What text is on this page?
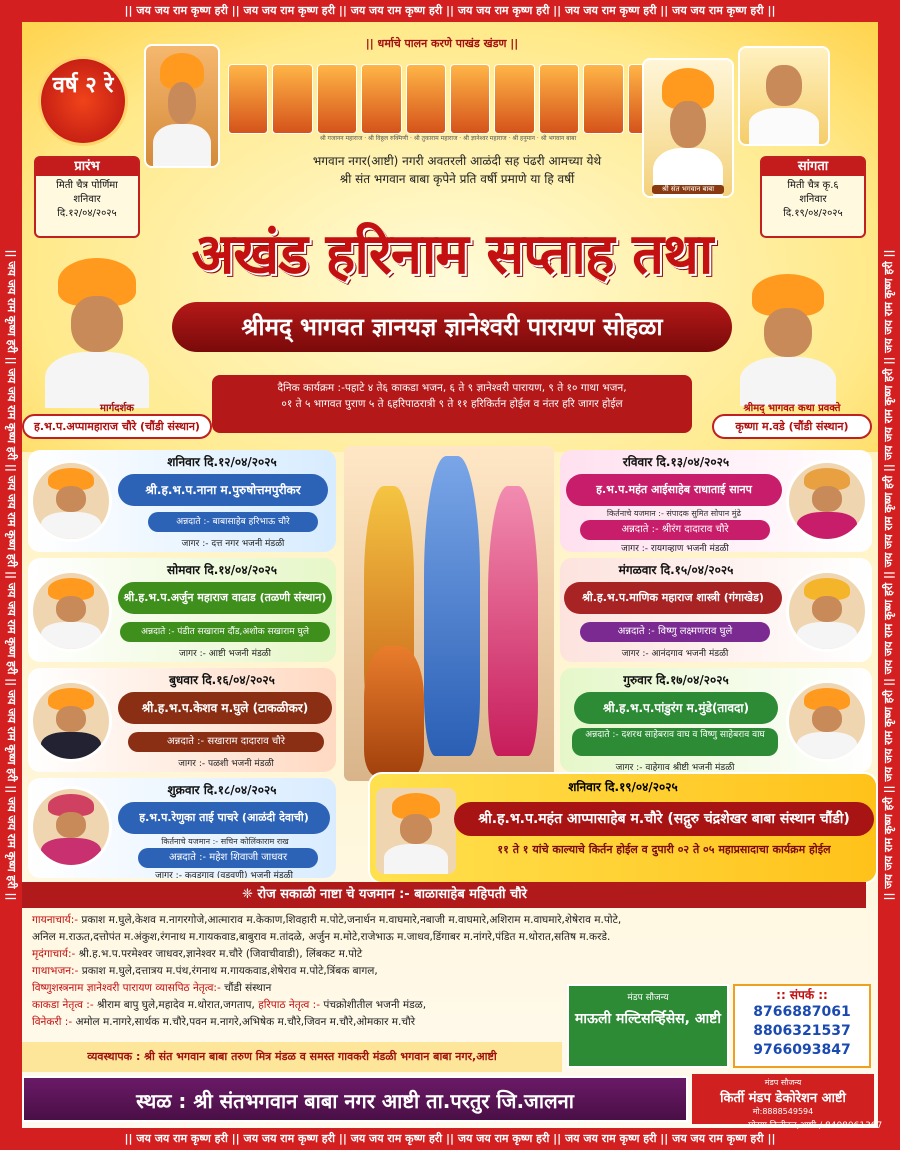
|| जय जय राम कृष्ण हरी || जय जय राम कृष्ण हरी || जय जय राम कृष्ण हरी || जय जय राम कृष्ण हरी || जय जय राम कृष्ण हरी || जय जय राम कृष्ण हरी ||
|| जय जय राम कृष्ण हरी || जय जय राम कृष्ण हरी || जय जय राम कृष्ण हरी || जय जय राम कृष्ण हरी || जय जय राम कृष्ण हरी || जय जय राम कृष्ण हरी ||
|| जय जय राम कृष्ण हरी || जय जय राम कृष्ण हरी || जय जय राम कृष्ण हरी || जय जय राम कृष्ण हरी || जय जय राम कृष्ण हरी || जय जय राम कृष्ण हरी ||	|| जय जय राम कृष्ण हरी || जय जय राम कृष्ण हरी || जय जय राम कृष्ण हरी || जय जय राम कृष्ण हरी || जय जय राम कृष्ण हरी || जय जय राम कृष्ण हरी ||
|| धर्माचे पालन करणे पाखंड खंडण ||
वर्ष २ रे
श्री गजानन महाराज · श्री विठ्ठल रुक्मिणी · श्री तुकाराम महाराज · श्री ज्ञानेश्वर महाराज · श्री हनुमान · श्री भगवान बाबा
श्री संत भगवान बाबा
भगवान नगर(आष्टी) नगरी अवतरली आळंदी सह पंढरी आमच्या येथे
श्री संत भगवान बाबा कृपेने प्रति वर्षी प्रमाणे या हि वर्षी
प्रारंभ
मिती चैत्र पोर्णिमा
शनिवार
दि.१२/०४/२०२५
सांगता
मिती चैत्र कृ.६
शनिवार
दि.१९/०४/२०२५
अखंड हरिनाम सप्ताह तथा
श्रीमद् भागवत ज्ञानयज्ञ ज्ञानेश्वरी पारायण सोहळा
दैनिक कार्यक्रम :-पहाटे ४ ते६ काकडा भजन, ६ ते ९ ज्ञानेश्वरी पारायण, ९ ते १० गाथा भजन,
०१ ते ५ भागवत पुराण ५ ते ६हरिपाठरात्री ९ ते ११ हरिकिर्तन होईल व नंतर हरि जागर होईल
मार्गदर्शक
ह.भ.प.अप्पामहाराज चौरे (चौंडी संस्थान)
श्रीमद् भागवत कथा प्रवक्ते
कृष्णा म.वडे (चौंडी संस्थान)
शनिवार दि.१२/०४/२०२५
श्री.ह.भ.प.नाना म.पुरुषोत्तमपुरीकर
अन्नदाते :- बाबासाहेब हरिभाऊ चौरे
जागर :- दत्त नगर भजनी मंडळी
रविवार दि.१३/०४/२०२५
ह.भ.प.महंत आईसाहेब राधाताई सानप
किर्तनाचे यजमान :- संपादक सुमित सोपान मुंढे
अन्नदाते :- श्रीरंग दादाराव चौरे
जागर :- रायगव्हाण भजनी मंडळी
सोमवार दि.१४/०४/२०२५
श्री.ह.भ.प.अर्जुन महाराज वाढाड (तळणी संस्थान)
अन्नदाते :- पंडीत सखाराम दौंड,अशोक सखाराम घुले
जागर :- आष्टी भजनी मंडळी
मंगळवार दि.१५/०४/२०२५
श्री.ह.भ.प.माणिक महाराज शास्त्री (गंगाखेड)
अन्नदाते :- विष्णु लक्ष्मणराव घुले
जागर :- आनंदगाव भजनी मंडळी
बुधवार दि.१६/०४/२०२५
श्री.ह.भ.प.केशव म.घुले (टाकळीकर)
अन्नदाते :- सखाराम दादाराव चौरे
जागर :- पळशी भजनी मंडळी
गुरुवार दि.१७/०४/२०२५
श्री.ह.भ.प.पांडुरंग म.मुंडे(तावदा)
अन्नदाते :- दशरथ साहेबराव वाघ व विष्णु साहेबराव वाघ
जागर :- वाहेगाव श्रीष्टी भजनी मंडळी
शुक्रवार दि.१८/०४/२०२५
ह.भ.प.रेणुका ताई पाचरे (आळंदी देवाची)
किर्तनाचे यजमान :- सचिन कोलिंकाराम राख
अन्नदाते :- महेश शिवाजी जाधवर
जागर :- कवडगाव (वडवणी) भजनी मंडळी
शनिवार दि.१९/०४/२०२५
श्री.ह.भ.प.महंत आप्पासाहेब म.चौरे (सद्गुरु चंद्रशेखर बाबा संस्थान चौंडी)
११ ते १ यांचे काल्याचे किर्तन होईल व दुपारी ०२ ते ०५ महाप्रसादाचा कार्यक्रम होईल
❈ रोज सकाळी नाष्टा चे यजमान :- बाळासाहेब महिपती चौरे
गायनाचार्य:- प्रकाश म.घुले,केशव म.नागरगोजे,आत्माराव म.केकाण,शिवहारी म.पोटे,जनार्धन म.वाघमारे,नबाजी म.वाघमारे,अशिराम म.वाघमारे,शेषेराव म.पोटे,
अनिल म.राऊत,दत्तोपंत म.अंकुश,रंगनाथ म.गायकवाड,बाबुराव म.तांदळे, अर्जुन म.मोटे,राजेभाऊ म.जाधव,डिंगाबर म.नांगरे,पंडित म.थोरात,सतिष म.करडे.
मृदंगाचार्य:- श्री.ह.भ.प.परमेश्वर जाधवर,ज्ञानेश्वर म.चौरे (जिवाचीवाडी), लिंबकट म.पोटे
गाथाभजन:- प्रकाश म.घुले,दत्तात्रय म.पंथ,रंगनाथ म.गायकवाड,शेषेराव म.पोटे,त्रिंबक बागल,
विष्णुशस्त्रनाम ज्ञानेश्वरी पारायण व्यासपिठ नेतृत्व:- चौंडी संस्थान
काकडा नेतृत्व :- श्रीराम बापु घुले,महादेव म.थोरात,जगताप, हरिपाठ नेतृत्व :- पंचक्रोशीतील भजनी मंडळ,
विनेकरी :- अमोल म.नागरे,सार्थक म.चौरे,पवन म.नागरे,अभिषेक म.चौरे,जिवन म.चौरे,ओमकार म.चौरे
मंडप सौजन्य
माऊली मल्टिसर्व्हिसेस, आष्टी
:: संपर्क ::
8766887061
8806321537
9766093847
व्यवस्थापक : श्री संत भगवान बाबा तरुण मित्र मंडळ व समस्त गावकरी मंडळी भगवान बाबा नगर,आष्टी
स्थळ : श्री संतभगवान बाबा नगर आष्टी ता.परतुर जि.जालना
मंडप सौजन्य
किर्ती मंडप डेकोरेशन आष्टी
मो:8888549594
मोरया डिजीटल,आष्टी / 8408061367
